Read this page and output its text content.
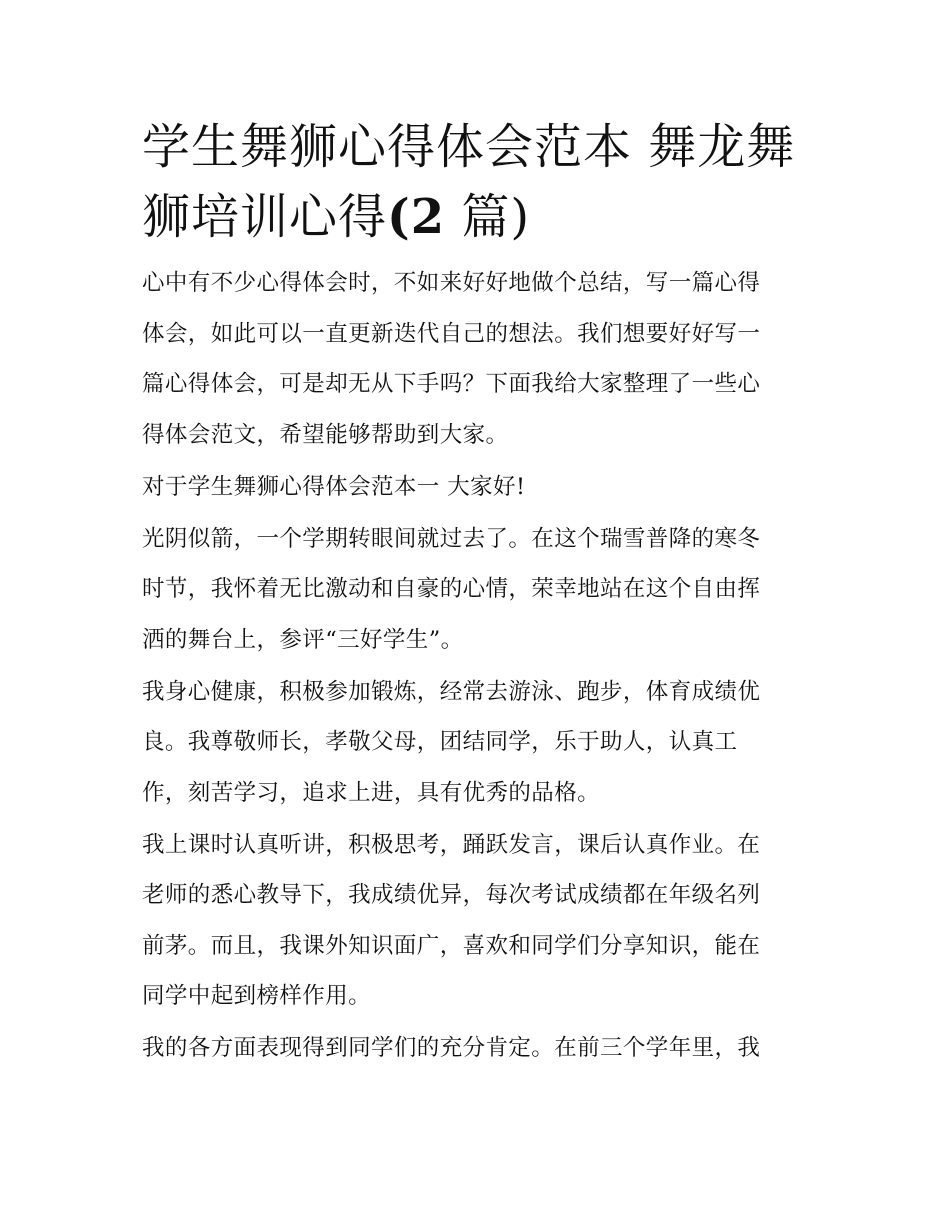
学生舞狮心得体会范本 舞龙舞
狮培训心得(2 篇)

心中有不少心得体会时，不如来好好地做个总结，写一篇心得
体会，如此可以一直更新迭代自己的想法。我们想要好好写一
篇心得体会，可是却无从下手吗？下面我给大家整理了一些心
得体会范文，希望能够帮助到大家。

对于学生舞狮心得体会范本一 大家好!

光阴似箭，一个学期转眼间就过去了。在这个瑞雪普降的寒冬
时节，我怀着无比激动和自豪的心情，荣幸地站在这个自由挥
洒的舞台上，参评“三好学生”。

我身心健康，积极参加锻炼，经常去游泳、跑步，体育成绩优
良。我尊敬师长，孝敬父母，团结同学，乐于助人，认真工
作，刻苦学习，追求上进，具有优秀的品格。

我上课时认真听讲，积极思考，踊跃发言，课后认真作业。在
老师的悉心教导下，我成绩优异，每次考试成绩都在年级名列
前茅。而且，我课外知识面广，喜欢和同学们分享知识，能在
同学中起到榜样作用。

我的各方面表现得到同学们的充分肯定。在前三个学年里，我
